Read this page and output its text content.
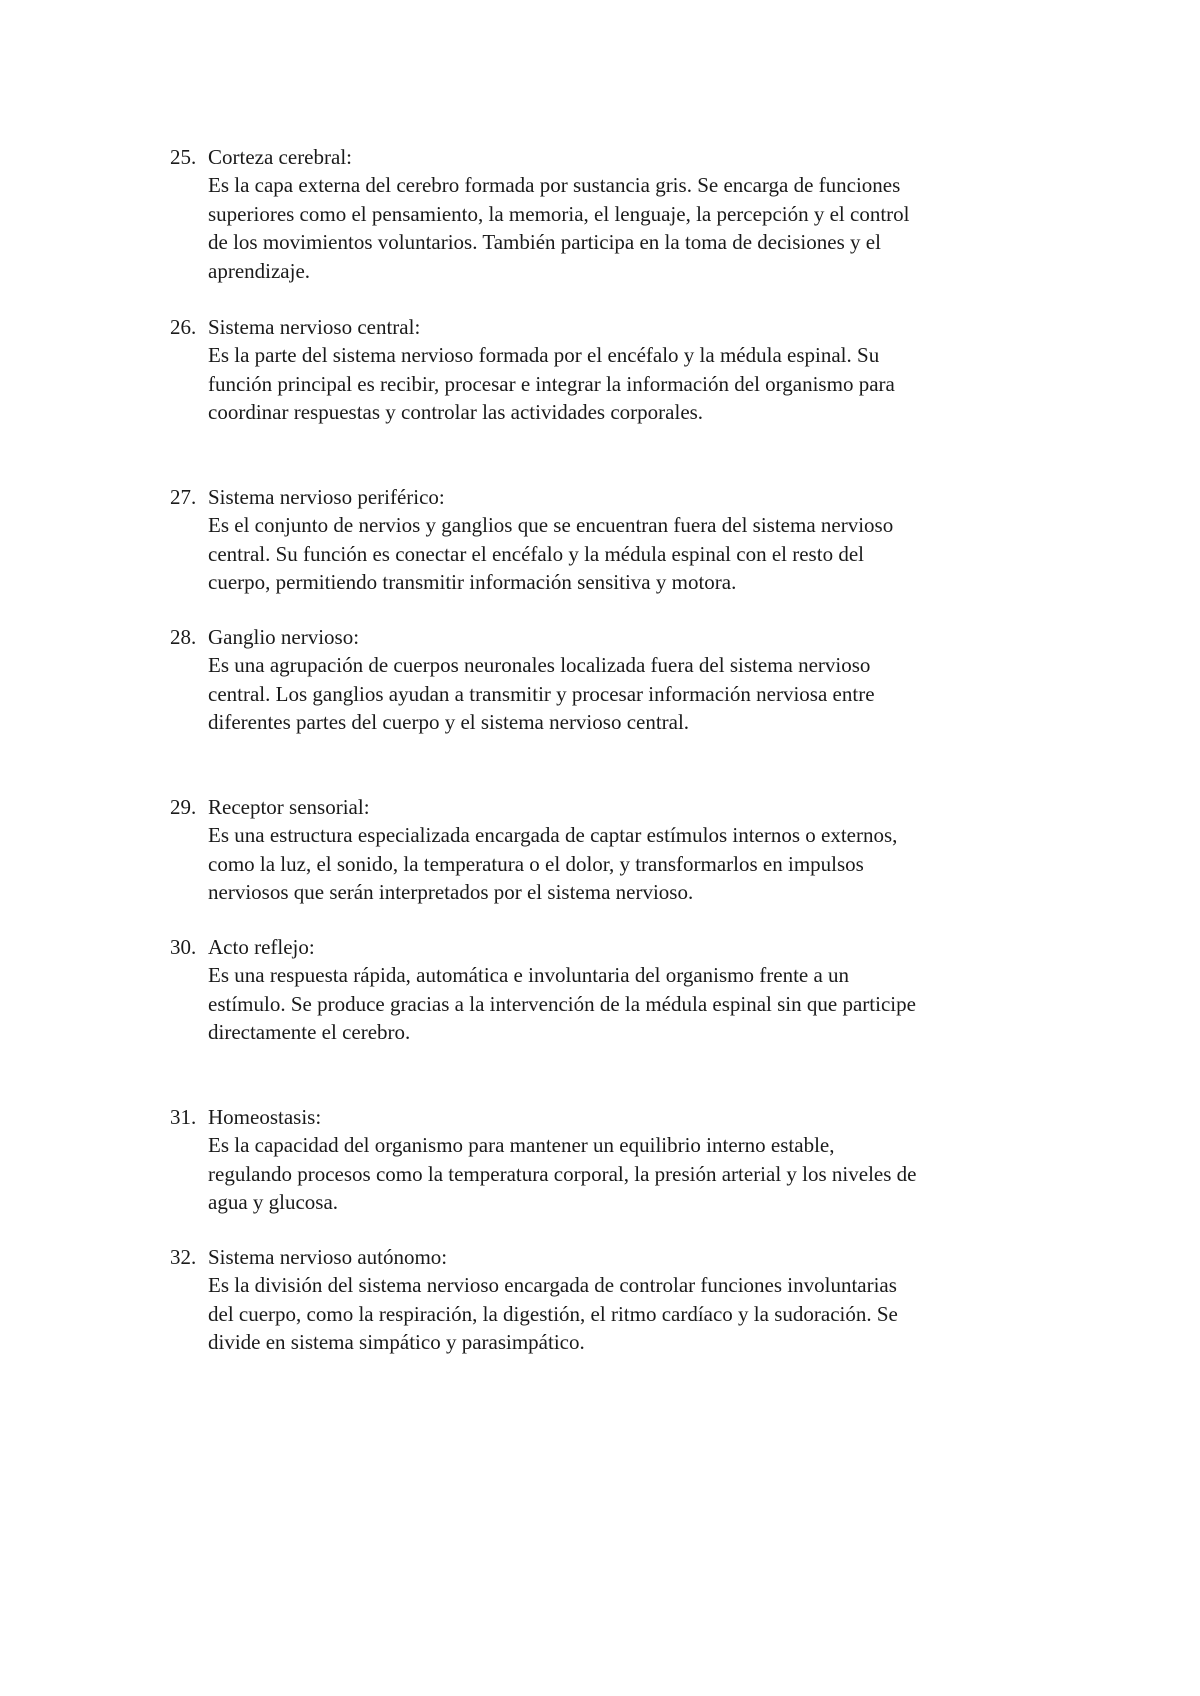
25. Corteza cerebral:
Es la capa externa del cerebro formada por sustancia gris. Se encarga de funciones
superiores como el pensamiento, la memoria, el lenguaje, la percepción y el control
de los movimientos voluntarios. También participa en la toma de decisiones y el
aprendizaje.
26. Sistema nervioso central:
Es la parte del sistema nervioso formada por el encéfalo y la médula espinal. Su
función principal es recibir, procesar e integrar la información del organismo para
coordinar respuestas y controlar las actividades corporales.
27. Sistema nervioso periférico:
Es el conjunto de nervios y ganglios que se encuentran fuera del sistema nervioso
central. Su función es conectar el encéfalo y la médula espinal con el resto del
cuerpo, permitiendo transmitir información sensitiva y motora.
28. Ganglio nervioso:
Es una agrupación de cuerpos neuronales localizada fuera del sistema nervioso
central. Los ganglios ayudan a transmitir y procesar información nerviosa entre
diferentes partes del cuerpo y el sistema nervioso central.
29. Receptor sensorial:
Es una estructura especializada encargada de captar estímulos internos o externos,
como la luz, el sonido, la temperatura o el dolor, y transformarlos en impulsos
nerviosos que serán interpretados por el sistema nervioso.
30. Acto reflejo:
Es una respuesta rápida, automática e involuntaria del organismo frente a un
estímulo. Se produce gracias a la intervención de la médula espinal sin que participe
directamente el cerebro.
31. Homeostasis:
Es la capacidad del organismo para mantener un equilibrio interno estable,
regulando procesos como la temperatura corporal, la presión arterial y los niveles de
agua y glucosa.
32. Sistema nervioso autónomo:
Es la división del sistema nervioso encargada de controlar funciones involuntarias
del cuerpo, como la respiración, la digestión, el ritmo cardíaco y la sudoración. Se
divide en sistema simpático y parasimpático.
